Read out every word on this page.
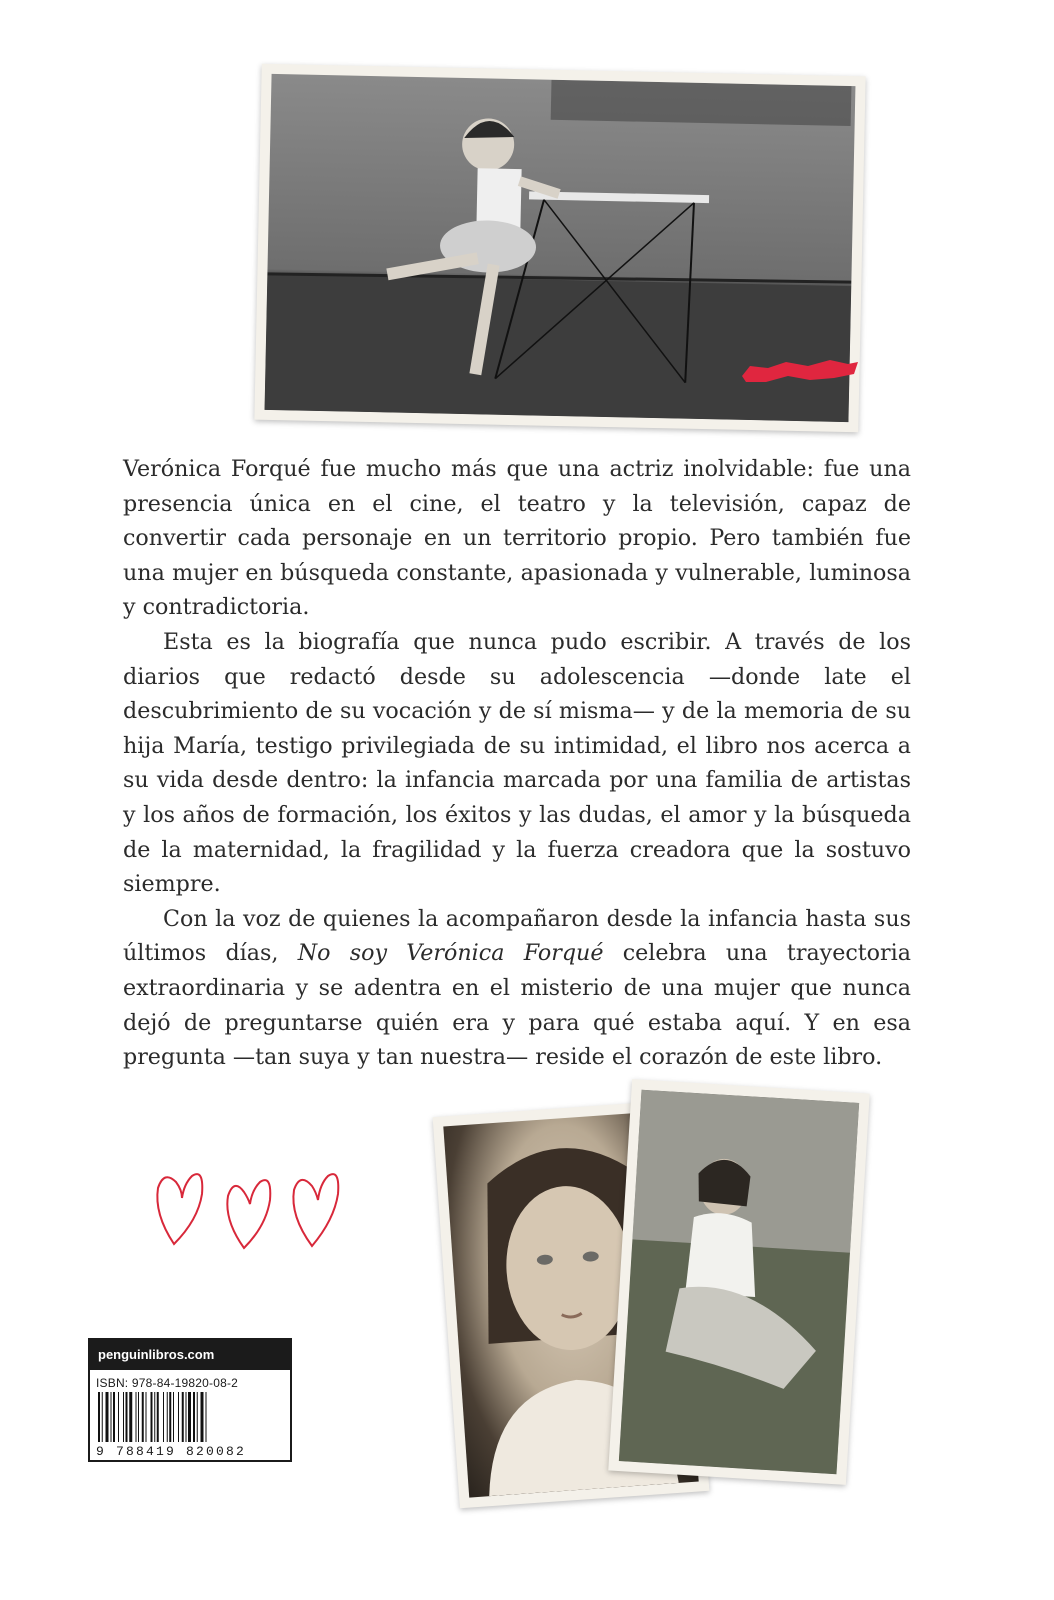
Verónica Forqué fue mucho más que una actriz inolvidable: fue una presencia única en el cine, el teatro y la televisión, capaz de convertir cada personaje en un territorio propio. Pero también fue una mujer en búsqueda constante, apasionada y vulnerable, luminosa y contradictoria.

Esta es la biografía que nunca pudo escribir. A través de los diarios que redactó desde su adolescencia —donde late el descubrimiento de su vocación y de sí misma— y de la memoria de su hija María, testigo privilegiada de su intimidad, el libro nos acerca a su vida desde dentro: la infancia marcada por una familia de artistas y los años de formación, los éxitos y las dudas, el amor y la búsqueda de la maternidad, la fragilidad y la fuerza creadora que la sostuvo siempre.

Con la voz de quienes la acompañaron desde la infancia hasta sus últimos días, No soy Verónica Forqué celebra una trayectoria extraordinaria y se adentra en el misterio de una mujer que nunca dejó de preguntarse quién era y para qué estaba aquí. Y en esa pregunta —tan suya y tan nuestra— reside el corazón de este libro.

penguinlibros.com
ISBN: 978-84-19820-08-2
9 788419 820082
